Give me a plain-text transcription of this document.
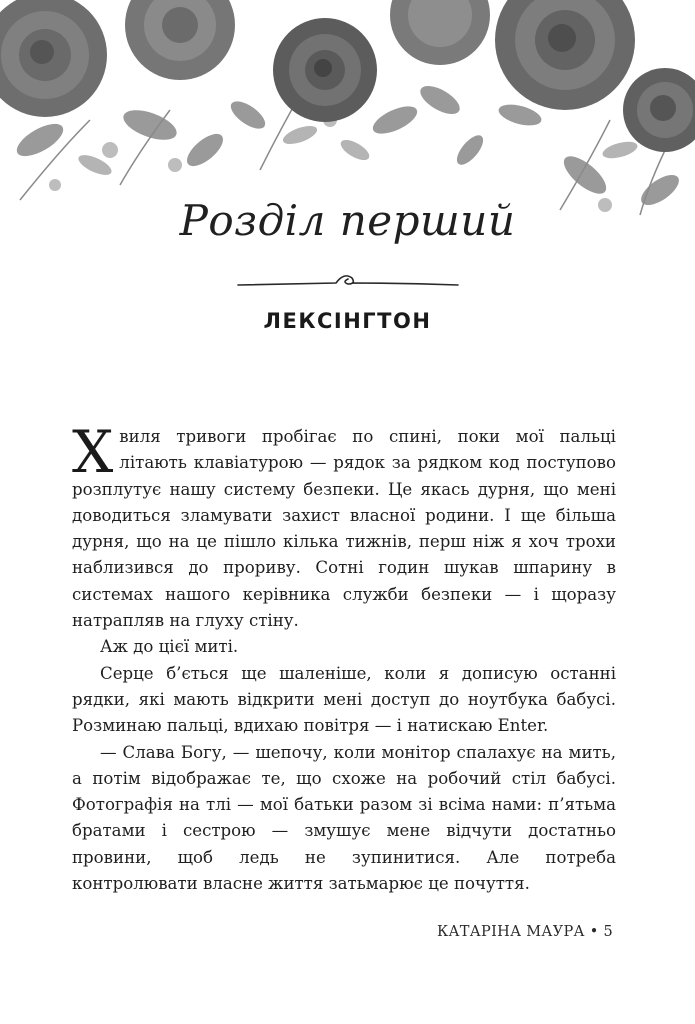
Розділ перший
ЛЕКСІНГТОН

Хвиля тривоги пробігає по спині, поки мої пальці літають клавіатурою — рядок за рядком код поступово розплутує нашу систему безпеки. Це якась дурня, що мені доводиться зламувати захист власної родини. І ще більша дурня, що на це пішло кілька тижнів, перш ніж я хоч трохи наблизився до прориву. Сотні годин шукав шпарину в системах нашого керівника служби безпеки — і щоразу натрапляв на глуху стіну.

Аж до цієї миті.

Серце б’ється ще шаленіше, коли я дописую останні рядки, які мають відкрити мені доступ до ноутбука бабусі. Розминаю пальці, вдихаю повітря — і натискаю Enter.

— Слава Богу, — шепочу, коли монітор спалахує на мить, а потім відображає те, що схоже на робочий стіл бабусі. Фотографія на тлі — мої батьки разом зі всіма нами: п’ятьма братами і сестрою — змушує мене відчути достатньо провини, щоб ледь не зупинитися. Але потреба контролювати власне життя затьмарює це почуття.

КАТАРІНА МАУРА • 5
